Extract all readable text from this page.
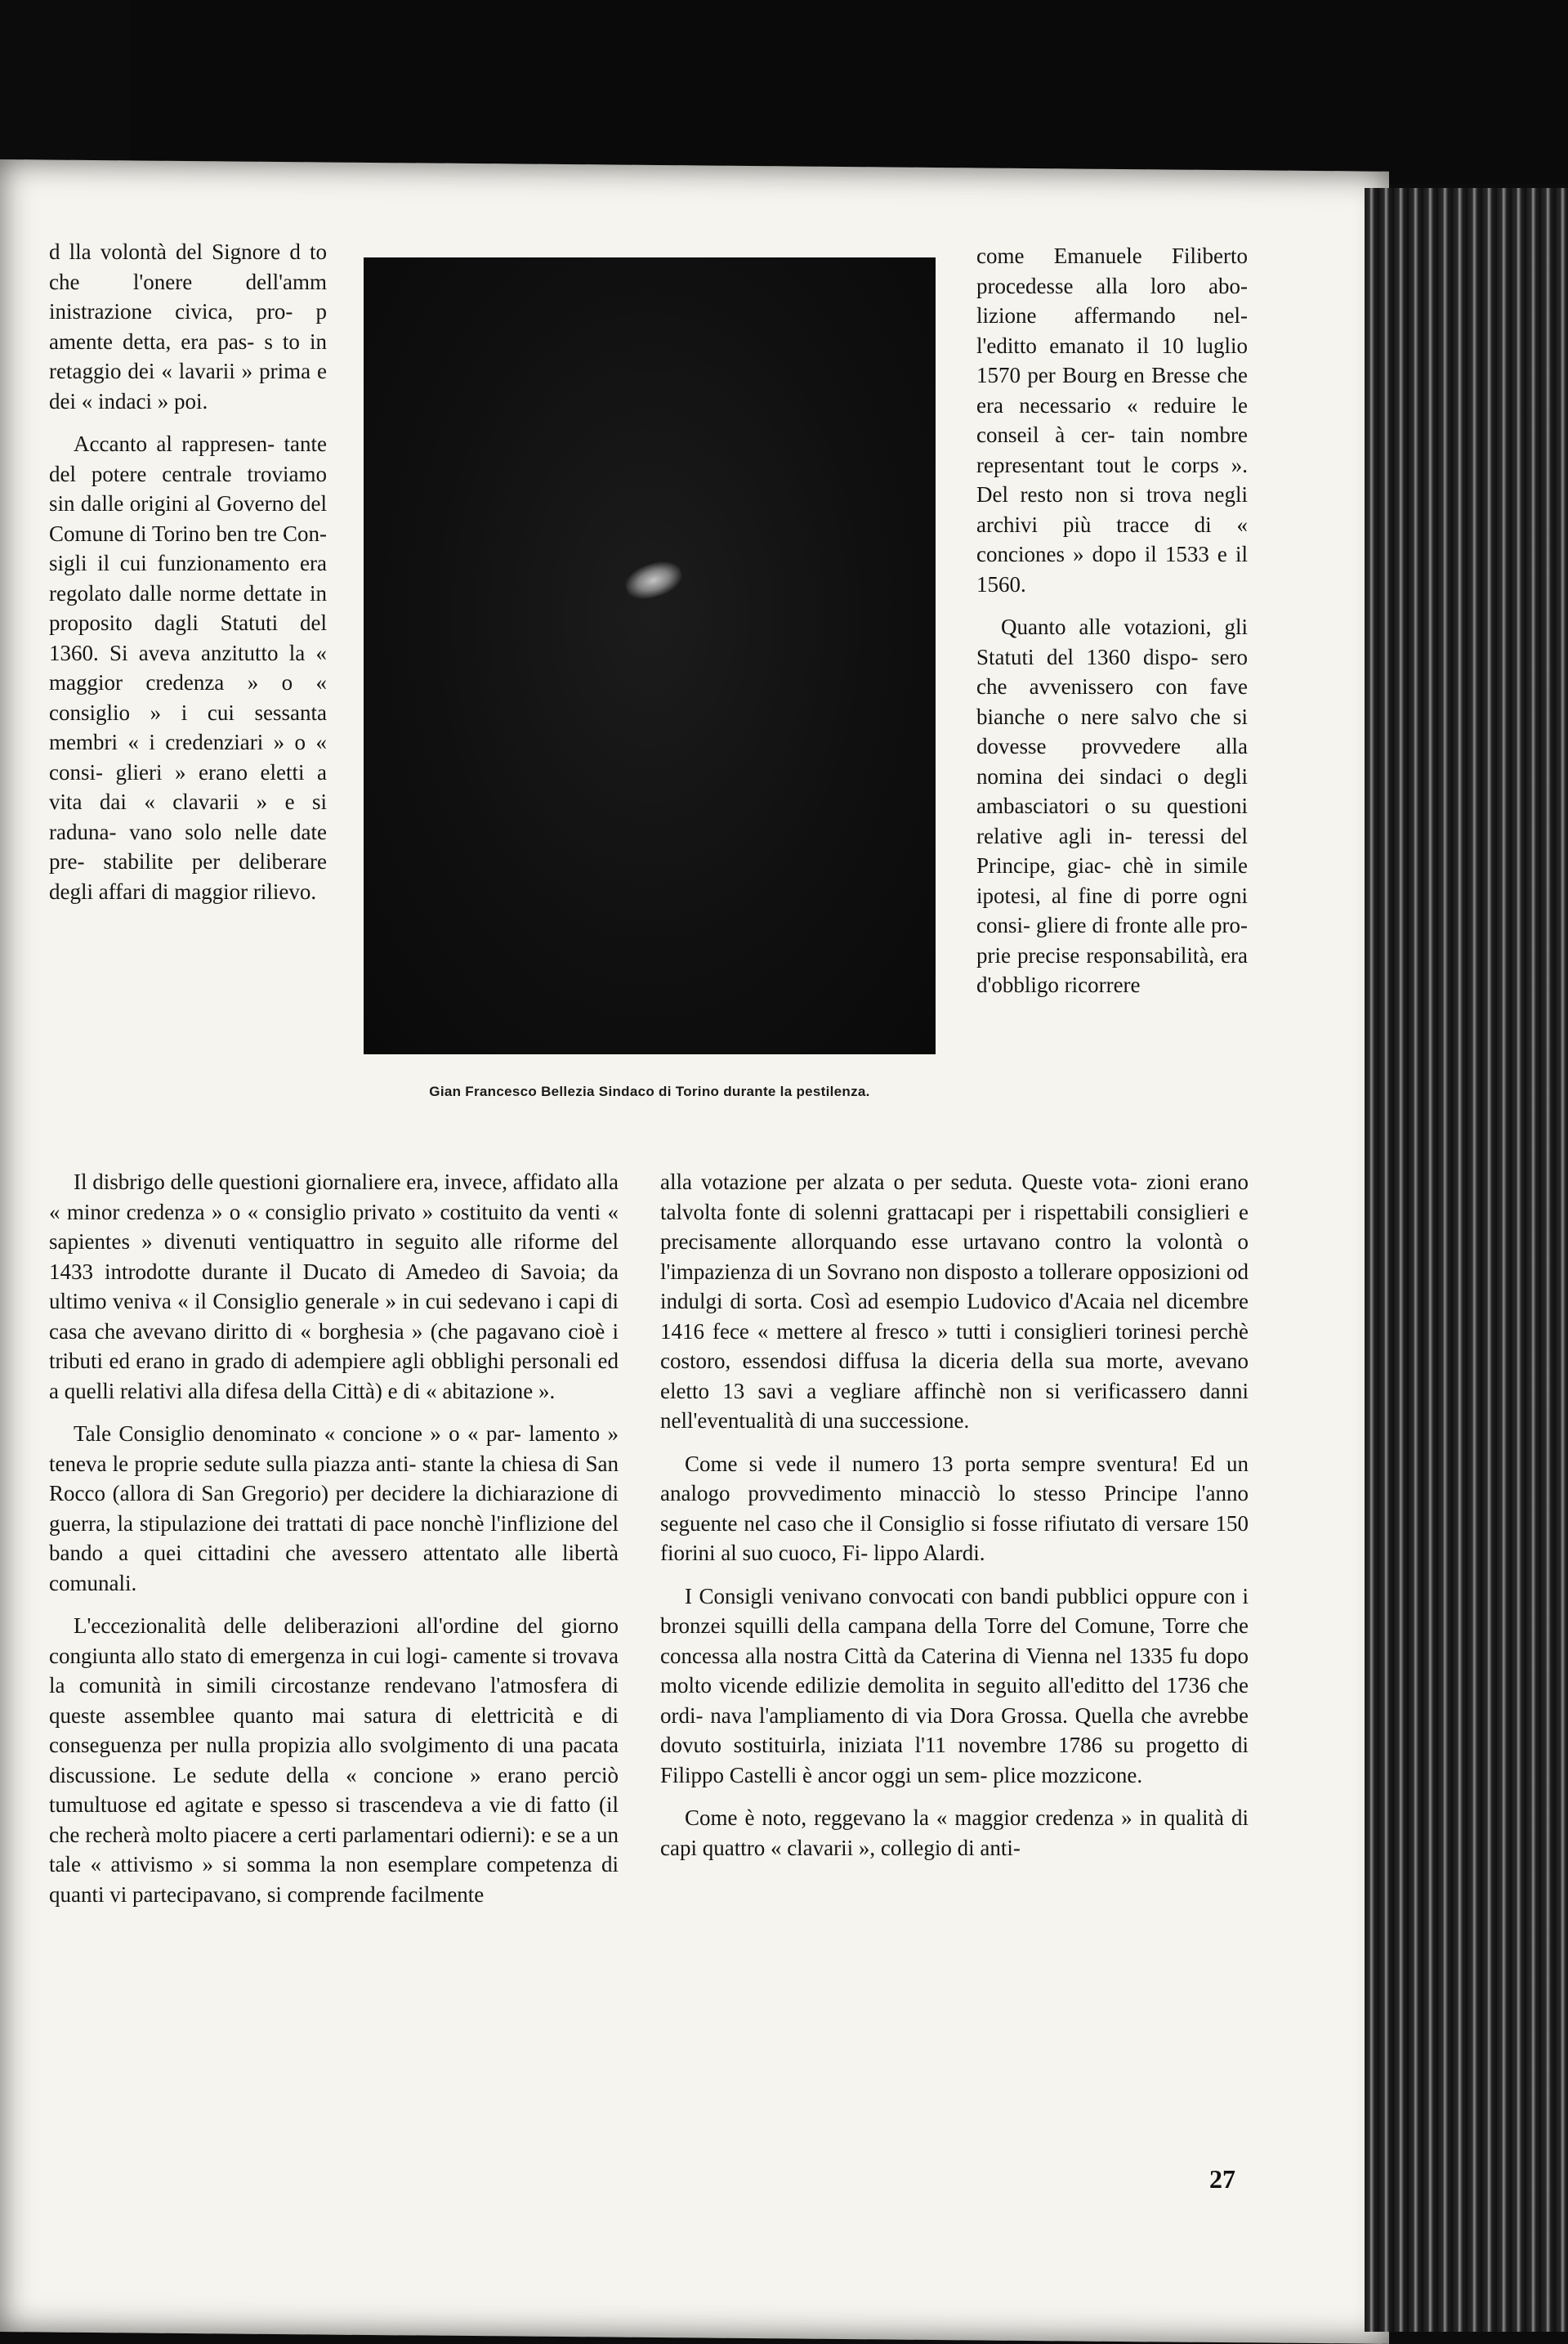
d lla volontà del Signore d to che l'onere dell'amm inistrazione civica, pro- p amente detta, era pas- s to in retaggio dei « lavarii » prima e dei « indaci » poi.

Accanto al rappresen- tante del potere centrale troviamo sin dalle origini al Governo del Comune di Torino ben tre Con- sigli il cui funzionamento era regolato dalle norme dettate in proposito dagli Statuti del 1360. Si aveva anzitutto la « maggior credenza » o « consiglio » i cui sessanta membri « i credenziari » o « consi- glieri » erano eletti a vita dai « clavarii » e si raduna- vano solo nelle date pre- stabilite per deliberare degli affari di maggior rilievo.

Gian Francesco Bellezia Sindaco di Torino durante la pestilenza.

come Emanuele Filiberto procedesse alla loro abo- lizione affermando nel- l'editto emanato il 10 luglio 1570 per Bourg en Bresse che era necessario « reduire le conseil à cer- tain nombre representant tout le corps ». Del resto non si trova negli archivi più tracce di « conciones » dopo il 1533 e il 1560.

Quanto alle votazioni, gli Statuti del 1360 dispo- sero che avvenissero con fave bianche o nere salvo che si dovesse provvedere alla nomina dei sindaci o degli ambasciatori o su questioni relative agli in- teressi del Principe, giac- chè in simile ipotesi, al fine di porre ogni consi- gliere di fronte alle pro- prie precise responsabilità, era d'obbligo ricorrere

Il disbrigo delle questioni giornaliere era, invece, affidato alla « minor credenza » o « consiglio privato » costituito da venti « sapientes » divenuti ventiquattro in seguito alle riforme del 1433 introdotte durante il Ducato di Amedeo di Savoia; da ultimo veniva « il Consiglio generale » in cui sedevano i capi di casa che avevano diritto di « borghesia » (che pagavano cioè i tributi ed erano in grado di adempiere agli obblighi personali ed a quelli relativi alla difesa della Città) e di « abitazione ».

Tale Consiglio denominato « concione » o « par- lamento » teneva le proprie sedute sulla piazza anti- stante la chiesa di San Rocco (allora di San Gregorio) per decidere la dichiarazione di guerra, la stipulazione dei trattati di pace nonchè l'inflizione del bando a quei cittadini che avessero attentato alle libertà comunali.

L'eccezionalità delle deliberazioni all'ordine del giorno congiunta allo stato di emergenza in cui logi- camente si trovava la comunità in simili circostanze rendevano l'atmosfera di queste assemblee quanto mai satura di elettricità e di conseguenza per nulla propizia allo svolgimento di una pacata discussione. Le sedute della « concione » erano perciò tumultuose ed agitate e spesso si trascendeva a vie di fatto (il che recherà molto piacere a certi parlamentari odierni): e se a un tale « attivismo » si somma la non esemplare competenza di quanti vi partecipavano, si comprende facilmente

alla votazione per alzata o per seduta. Queste vota- zioni erano talvolta fonte di solenni grattacapi per i rispettabili consiglieri e precisamente allorquando esse urtavano contro la volontà o l'impazienza di un Sovrano non disposto a tollerare opposizioni od indulgi di sorta. Così ad esempio Ludovico d'Acaia nel dicembre 1416 fece « mettere al fresco » tutti i consiglieri torinesi perchè costoro, essendosi diffusa la diceria della sua morte, avevano eletto 13 savi a vegliare affinchè non si verificassero danni nell'eventualità di una successione.

Come si vede il numero 13 porta sempre sventura! Ed un analogo provvedimento minacciò lo stesso Principe l'anno seguente nel caso che il Consiglio si fosse rifiutato di versare 150 fiorini al suo cuoco, Fi- lippo Alardi.

I Consigli venivano convocati con bandi pubblici oppure con i bronzei squilli della campana della Torre del Comune, Torre che concessa alla nostra Città da Caterina di Vienna nel 1335 fu dopo molto vicende edilizie demolita in seguito all'editto del 1736 che ordi- nava l'ampliamento di via Dora Grossa. Quella che avrebbe dovuto sostituirla, iniziata l'11 novembre 1786 su progetto di Filippo Castelli è ancor oggi un sem- plice mozzicone.

Come è noto, reggevano la « maggior credenza » in qualità di capi quattro « clavarii », collegio di anti-

27
